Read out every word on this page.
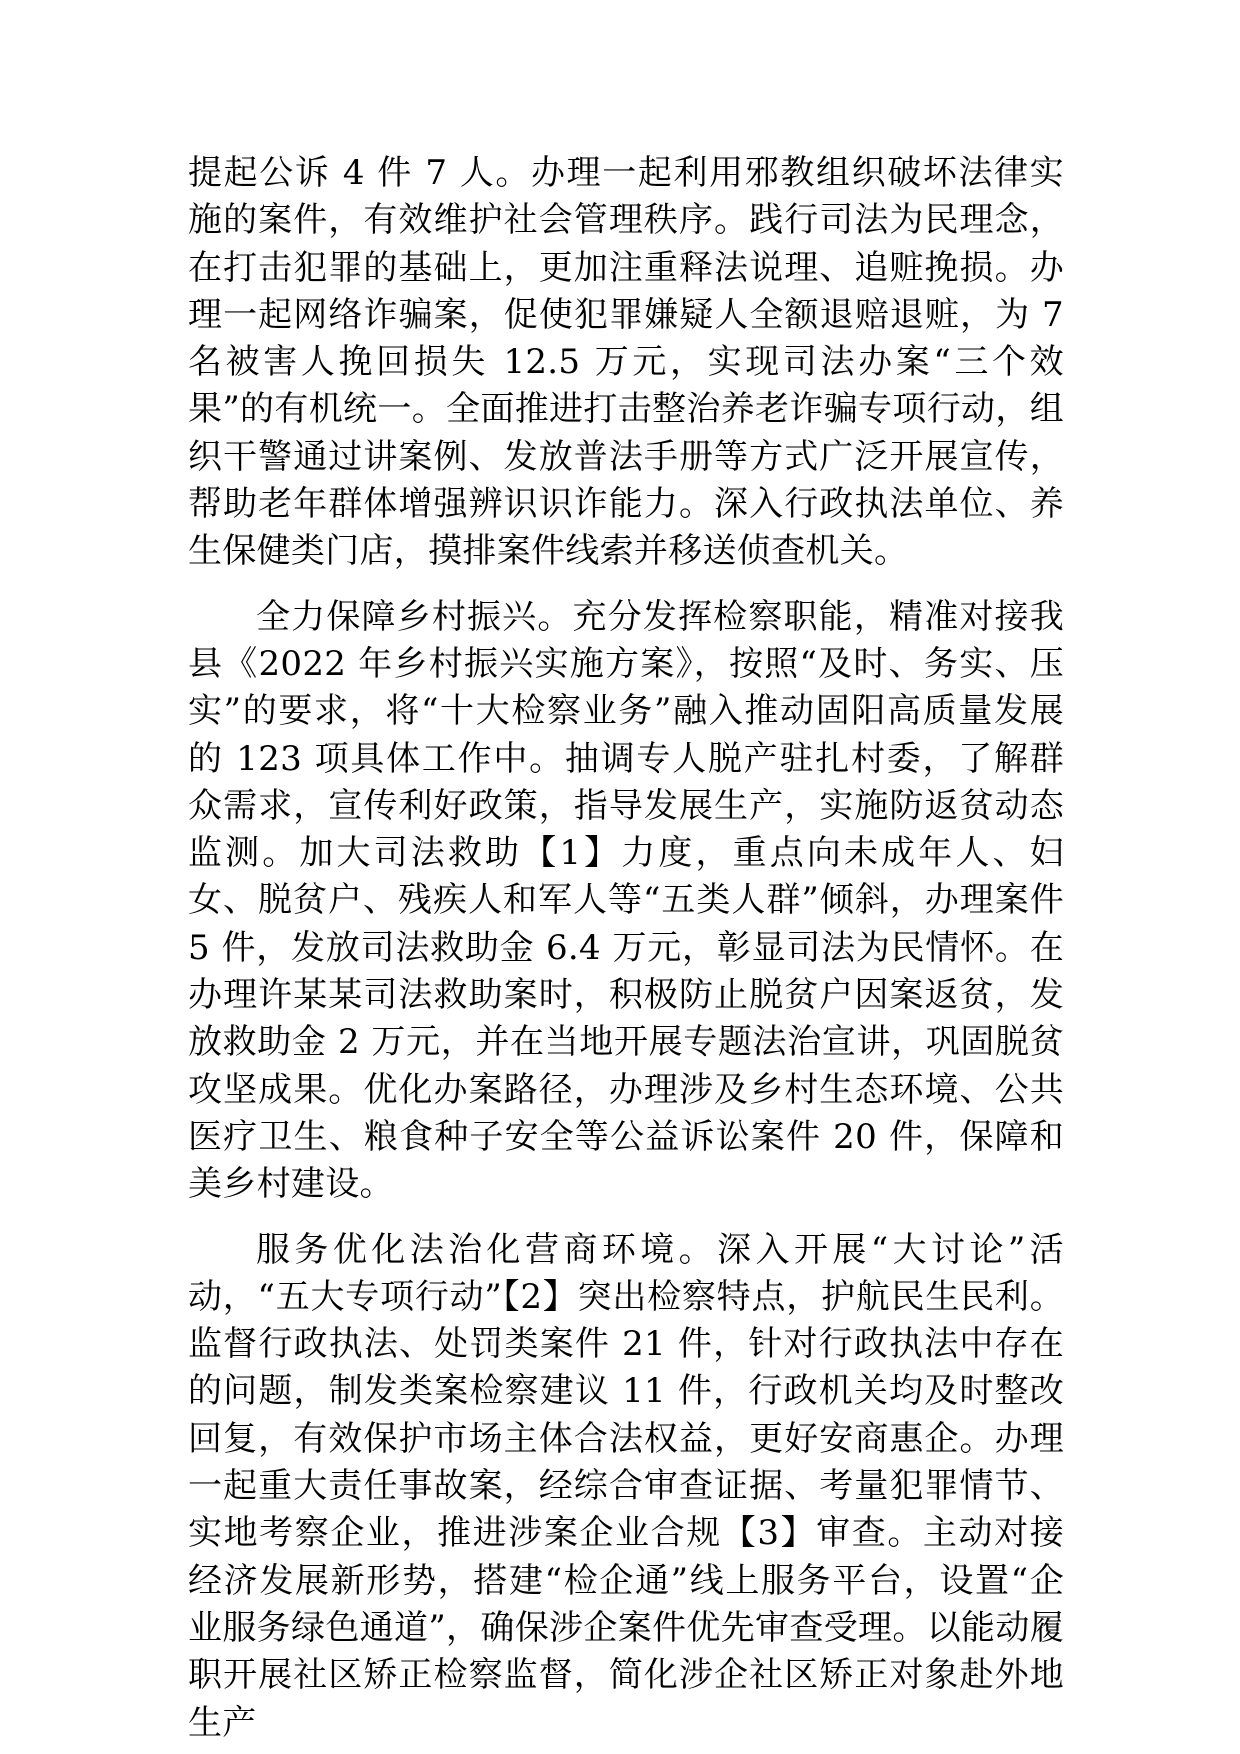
提起公诉 4 件 7 人。办理一起利用邪教组织破坏法律实施的案件，有效维护社会管理秩序。践行司法为民理念，在打击犯罪的基础上，更加注重释法说理、追赃挽损。办理一起网络诈骗案，促使犯罪嫌疑人全额退赔退赃，为 7 名被害人挽回损失 12.5 万元，实现司法办案“三个效果”的有机统一。全面推进打击整治养老诈骗专项行动，组织干警通过讲案例、发放普法手册等方式广泛开展宣传，帮助老年群体增强辨识识诈能力。深入行政执法单位、养生保健类门店，摸排案件线索并移送侦查机关。

全力保障乡村振兴。充分发挥检察职能，精准对接我县《2022 年乡村振兴实施方案》，按照“及时、务实、压实”的要求，将“十大检察业务”融入推动固阳高质量发展的 123 项具体工作中。抽调专人脱产驻扎村委，了解群众需求，宣传利好政策，指导发展生产，实施防返贫动态监测。加大司法救助【1】力度，重点向未成年人、妇女、脱贫户、残疾人和军人等“五类人群”倾斜，办理案件 5 件，发放司法救助金 6.4 万元，彰显司法为民情怀。在办理许某某司法救助案时，积极防止脱贫户因案返贫，发放救助金 2 万元，并在当地开展专题法治宣讲，巩固脱贫攻坚成果。优化办案路径，办理涉及乡村生态环境、公共医疗卫生、粮食种子安全等公益诉讼案件 20 件，保障和美乡村建设。

服务优化法治化营商环境。深入开展“大讨论”活动，“五大专项行动”【2】突出检察特点，护航民生民利。监督行政执法、处罚类案件 21 件，针对行政执法中存在的问题，制发类案检察建议 11 件，行政机关均及时整改回复，有效保护市场主体合法权益，更好安商惠企。办理一起重大责任事故案，经综合审查证据、考量犯罪情节、实地考察企业，推进涉案企业合规【3】审查。主动对接经济发展新形势，搭建“检企通”线上服务平台，设置“企业服务绿色通道”，确保涉企案件优先审查受理。以能动履职开展社区矫正检察监督，简化涉企社区矫正对象赴外地生产
